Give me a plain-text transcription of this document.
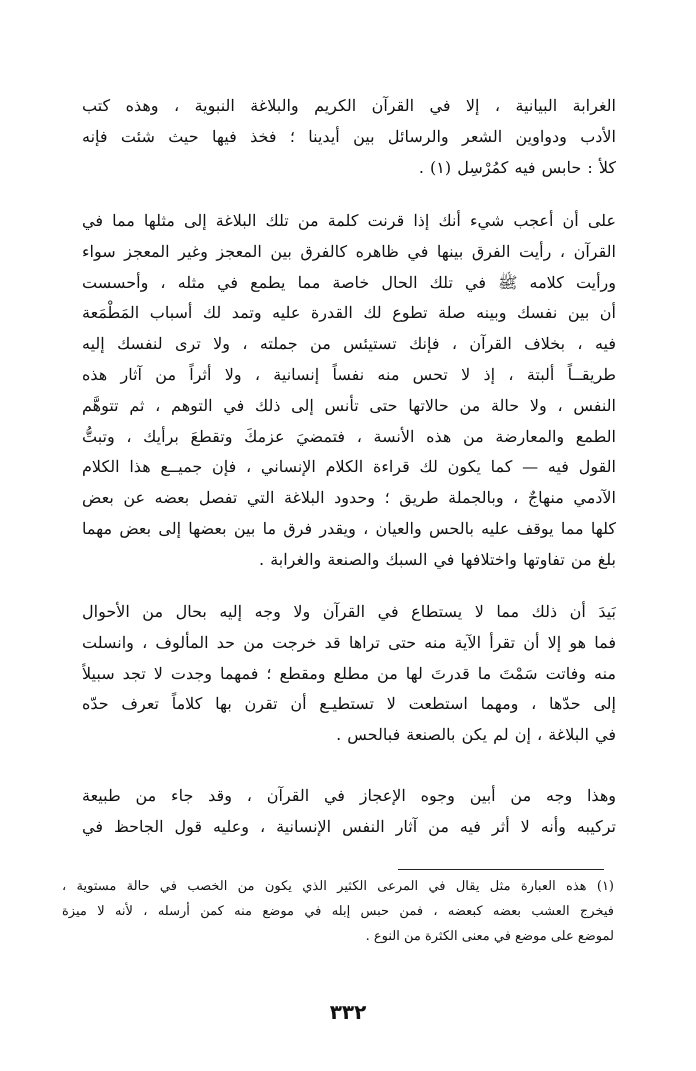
الغرابة البيانية ، إلا في القرآن الكريم والبلاغة النبوية ، وهذه كتب
الأدب ودواوين الشعر والرسائل بين أيدينا ؛ فخذ فيها حيث شئت فإنه
كلأ : حابس فيه كمُرْسِل (١) .
على أن أعجب شيء أنك إذا قرنت كلمة من تلك البلاغة إلى مثلها مما في
القرآن ، رأيت الفرق بينها في ظاهره كالفرق بين المعجز وغير المعجز سواء
ورأيت كلامه ﷺ في تلك الحال خاصة مما يطمع في مثله ، وأحسست
أن بين نفسك وبينه صلة تطوع لك القدرة عليه وتمد لك أسباب المَطْمَعة
فيه ، بخلاف القرآن ، فإنك تستيئس من جملته ، ولا ترى لنفسك إليه
طريقــاً ألبتة ، إذ لا تحس منه نفساً إنسانية ، ولا أثراً من آثار هذه
النفس ، ولا حالة من حالاتها حتى تأنس إلى ذلك في التوهم ، ثم تتوهَّم
الطمع والمعارضة من هذه الأنسة ، فتمضيَ عزمكَ وتقطعَ برأيك ، وتبتُّ
القول فيه — كما يكون لك قراءة الكلام الإنساني ، فإن جميــع هذا الكلام
الآدمي منهاجٌ ، وبالجملة طريق ؛ وحدود البلاغة التي تفصل بعضه عن بعض
كلها مما يوقف عليه بالحس والعيان ، ويقدر فرق ما بين بعضها إلى بعض مهما
بلغ من تفاوتها واختلافها في السبك والصنعة والغرابة .
بَيدَ أن ذلك مما لا يستطاع في القرآن ولا وجه إليه بحال من الأحوال
فما هو إلا أن تقرأ الآية منه حتى تراها قد خرجت من حد المألوف ، وانسلت
منه وفاتت سَمْتَ ما قدرتَ لها من مطلع ومقطع ؛ فمهما وجدت لا تجد سبيلاً
إلى حدّها ، ومهما استطعت لا تستطيـع أن تقرن بها كلاماً تعرف حدّه
في البلاغة ، إن لم يكن بالصنعة فبالحس .
وهذا وجه من أبين وجوه الإعجاز في القرآن ، وقد جاء من طبيعة
تركيبه وأنه لا أثر فيه من آثار النفس الإنسانية ، وعليه قول الجاحظ في
(١) هذه العبارة مثل يقال في المرعى الكثير الذي يكون من الخصب في حالة مستوية ،
فيخرج العشب بعضه كبعضه ، فمن حبس إبله في موضع منه كمن أرسله ، لأنه لا ميزة
لموضع على موضع في معنى الكثرة من النوع .
٣٣٢
